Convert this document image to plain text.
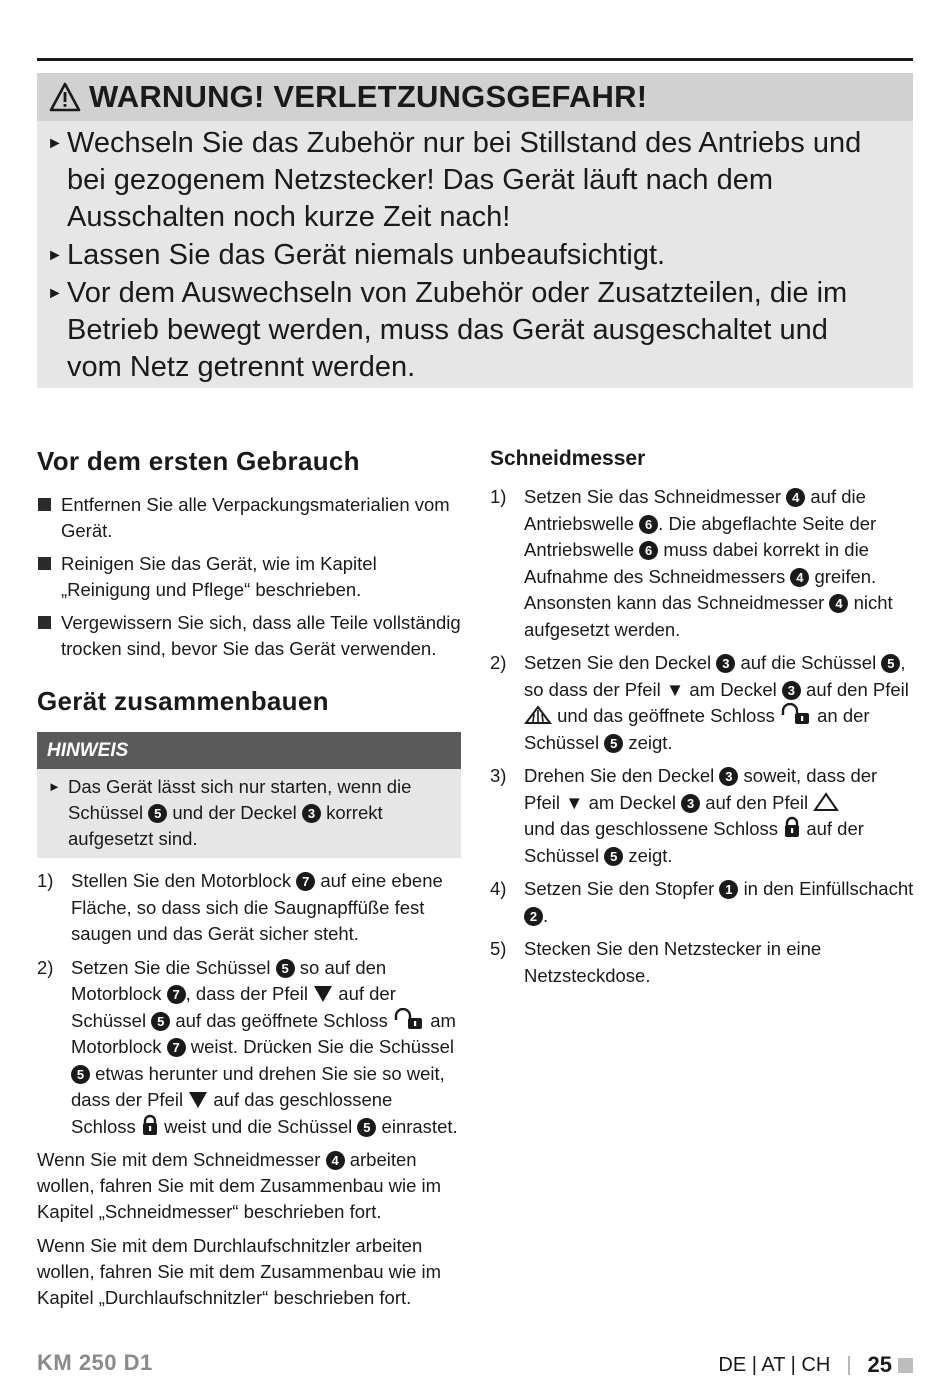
WARNUNG! VERLETZUNGSGEFAHR!
► Wechseln Sie das Zubehör nur bei Stillstand des Antriebs und bei gezogenem Netzstecker! Das Gerät läuft nach dem Ausschalten noch kurze Zeit nach!
► Lassen Sie das Gerät niemals unbeaufsichtigt.
► Vor dem Auswechseln von Zubehör oder Zusatzteilen, die im Betrieb bewegt werden, muss das Gerät ausgeschaltet und vom Netz getrennt werden.
Vor dem ersten Gebrauch
Entfernen Sie alle Verpackungsmaterialien vom Gerät.
Reinigen Sie das Gerät, wie im Kapitel „Reinigung und Pflege“ beschrieben.
Vergewissern Sie sich, dass alle Teile vollständig trocken sind, bevor Sie das Gerät verwenden.
Gerät zusammenbauen
HINWEIS
► Das Gerät lässt sich nur starten, wenn die Schüssel 5 und der Deckel 3 korrekt aufgesetzt sind.
1) Stellen Sie den Motorblock 7 auf eine ebene Fläche, so dass sich die Saugnapffüße fest saugen und das Gerät sicher steht.
2) Setzen Sie die Schüssel 5 so auf den Motorblock 7 , dass der Pfeil auf der Schüssel 5 auf das geöffnete Schloss am Motorblock 7 weist. Drücken Sie die Schüssel 5 etwas herunter und drehen Sie sie so weit, dass der Pfeil auf das geschlossene Schloss weist und die Schüssel 5 einrastet.

Wenn Sie mit dem Schneidmesser 4 arbeiten wollen, fahren Sie mit dem Zusammenbau wie im Kapitel „Schneidmesser“ beschrieben fort.

Wenn Sie mit dem Durchlaufschnitzler arbeiten wollen, fahren Sie mit dem Zusammenbau wie im Kapitel „Durchlaufschnitzler“ beschrieben fort.

Schneidmesser
1) Setzen Sie das Schneidmesser 4 auf die Antriebswelle 6 . Die abgeflachte Seite der Antriebswelle 6 muss dabei korrekt in die Aufnahme des Schneidmessers 4 greifen. Ansonsten kann das Schneidmesser 4 nicht aufgesetzt werden.
2) Setzen Sie den Deckel 3 auf die Schüssel 5 , so dass der Pfeil ▼ am Deckel 3 auf den Pfeil  und das geöffnete Schloss an der Schüssel 5 zeigt.
3) Drehen Sie den Deckel 3 soweit, dass der Pfeil ▼ am Deckel 3 auf den Pfeil
und das geschlossene Schloss auf der Schüssel 5 zeigt.
4) Setzen Sie den Stopfer 1 in den Einfüllschacht 2 .
5) Stecken Sie den Netzstecker in eine Netzsteckdose.
KM 250 D1	DE | AT | CH | 25
